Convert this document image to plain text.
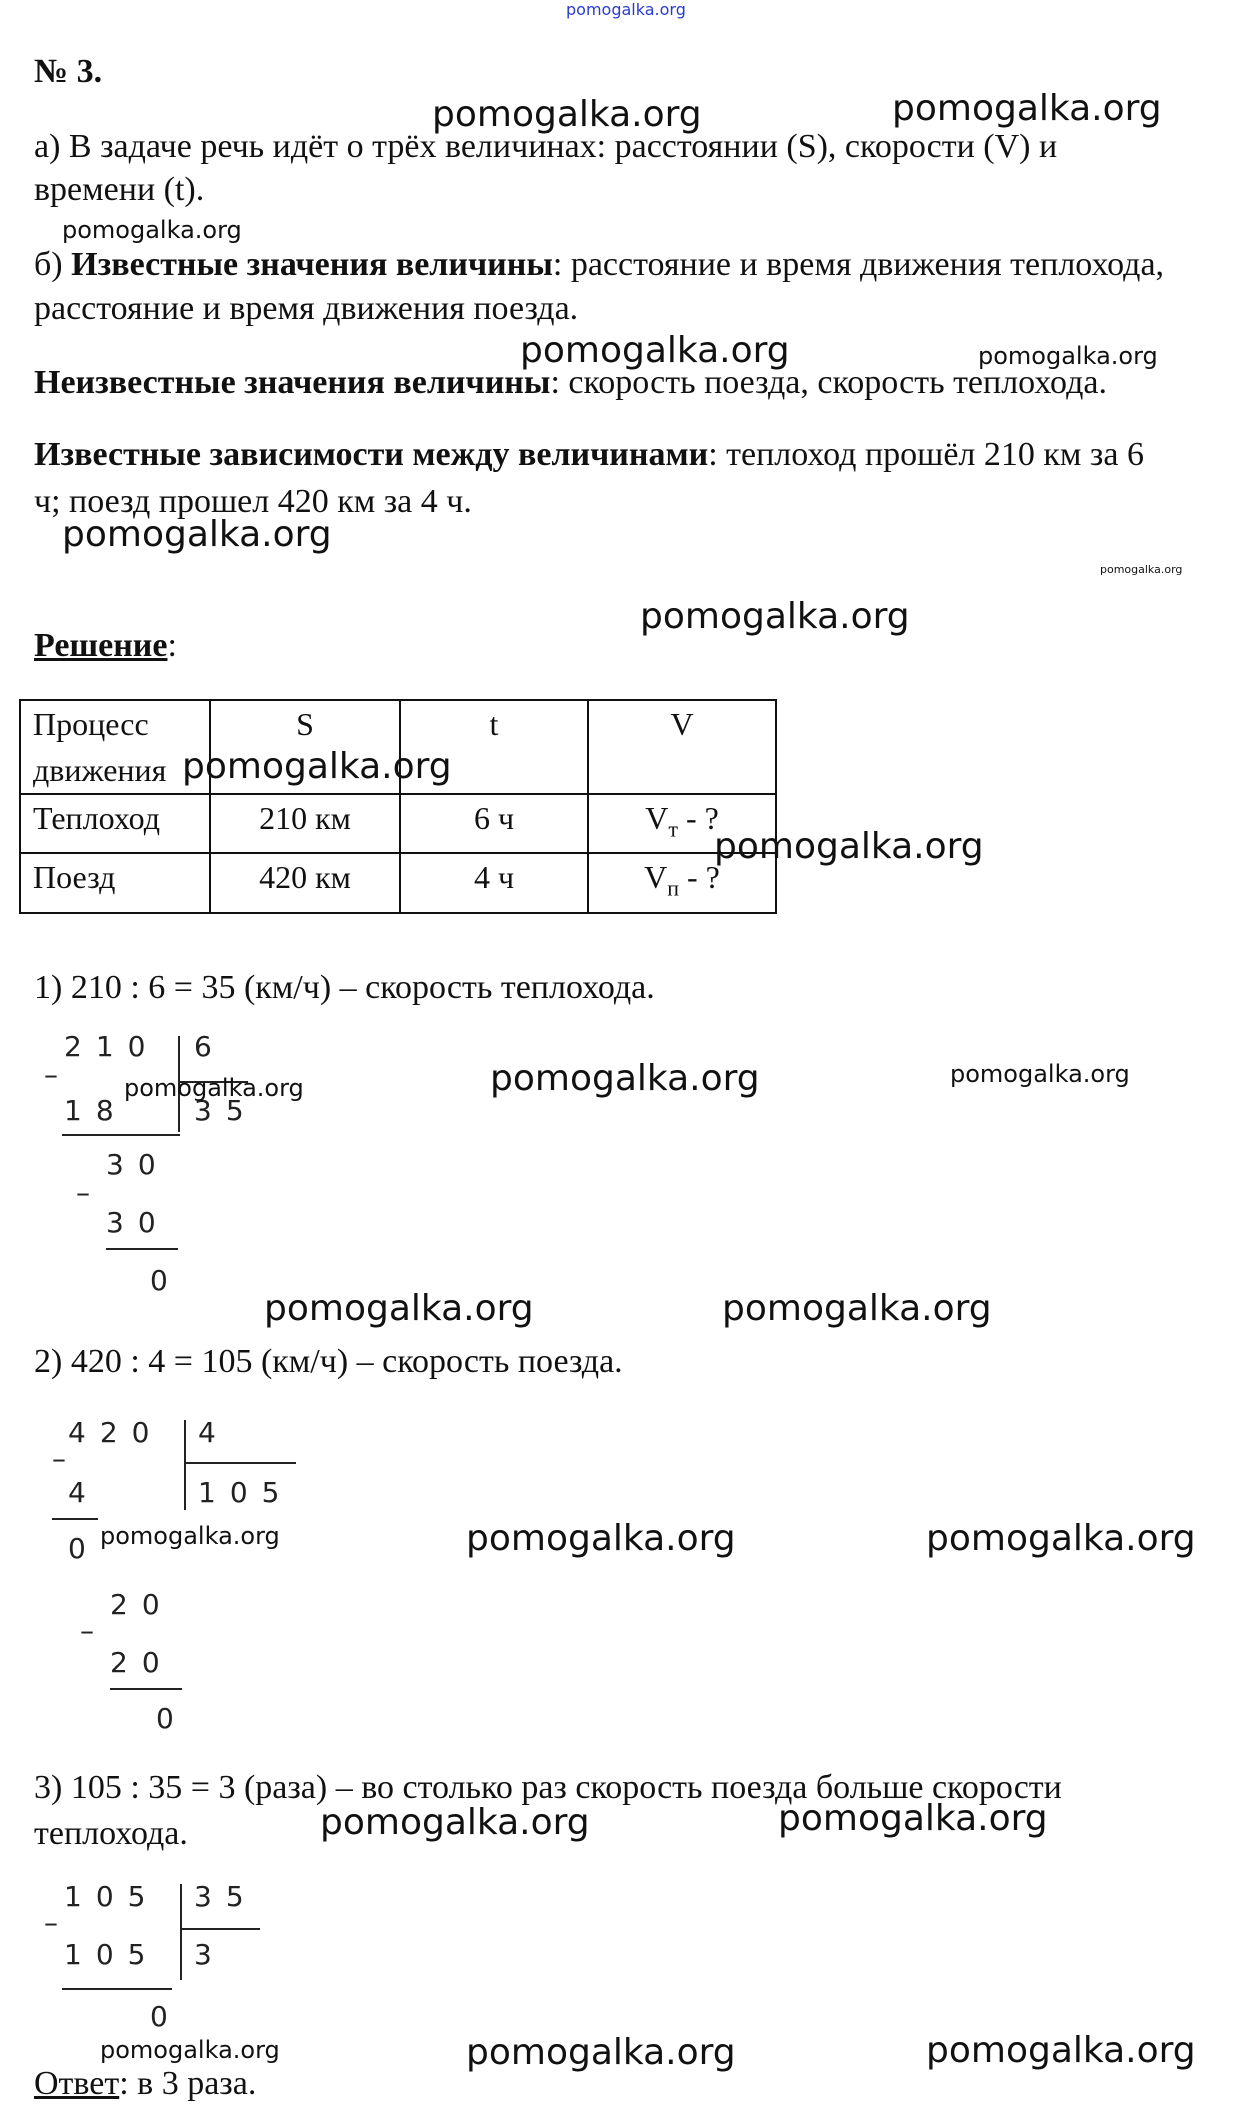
pomogalka.org
№ 3.
а) В задаче речь идёт о трёх величинах: расстоянии (S), скорости (V) и
времени (t).
б) Известные значения величины: расстояние и время движения теплохода,
расстояние и время движения поезда.
Неизвестные значения величины: скорость поезда, скорость теплохода.
Известные зависимости между величинами: теплоход прошёл 210 км за 6
ч; поезд прошел 420 км за 4 ч.
Решение:
Процесс движения	S	t	V
Теплоход	210 км	6 ч	$V_т$ - ?
Поезд	420 км	4 ч	$V_п$ - ?
1) 210 : 6 = 35 (км/ч) – скорость теплохода.
–
210 6
18 35
–
30
30
0
2) 420 : 4 = 105 (км/ч) – скорость поезда.
–
420 4
4	105
0
–
20
20
0
3) 105 : 35 = 3 (раза) – во столько раз скорость поезда больше скорости
теплохода.
–
105 35
105 3
0
Ответ: в 3 раза.
pomogalka.org	pomogalka.org
pomogalka.org
pomogalka.org	pomogalka.org
pomogalka.org
pomogalka.org
pomogalka.org
pomogalka.org
pomogalka.org
pomogalka.org	pomogalka.org	pomogalka.org
pomogalka.org	pomogalka.org
pomogalka.org	pomogalka.org	pomogalka.org
pomogalka.org	pomogalka.org
pomogalka.org	pomogalka.org	pomogalka.org
